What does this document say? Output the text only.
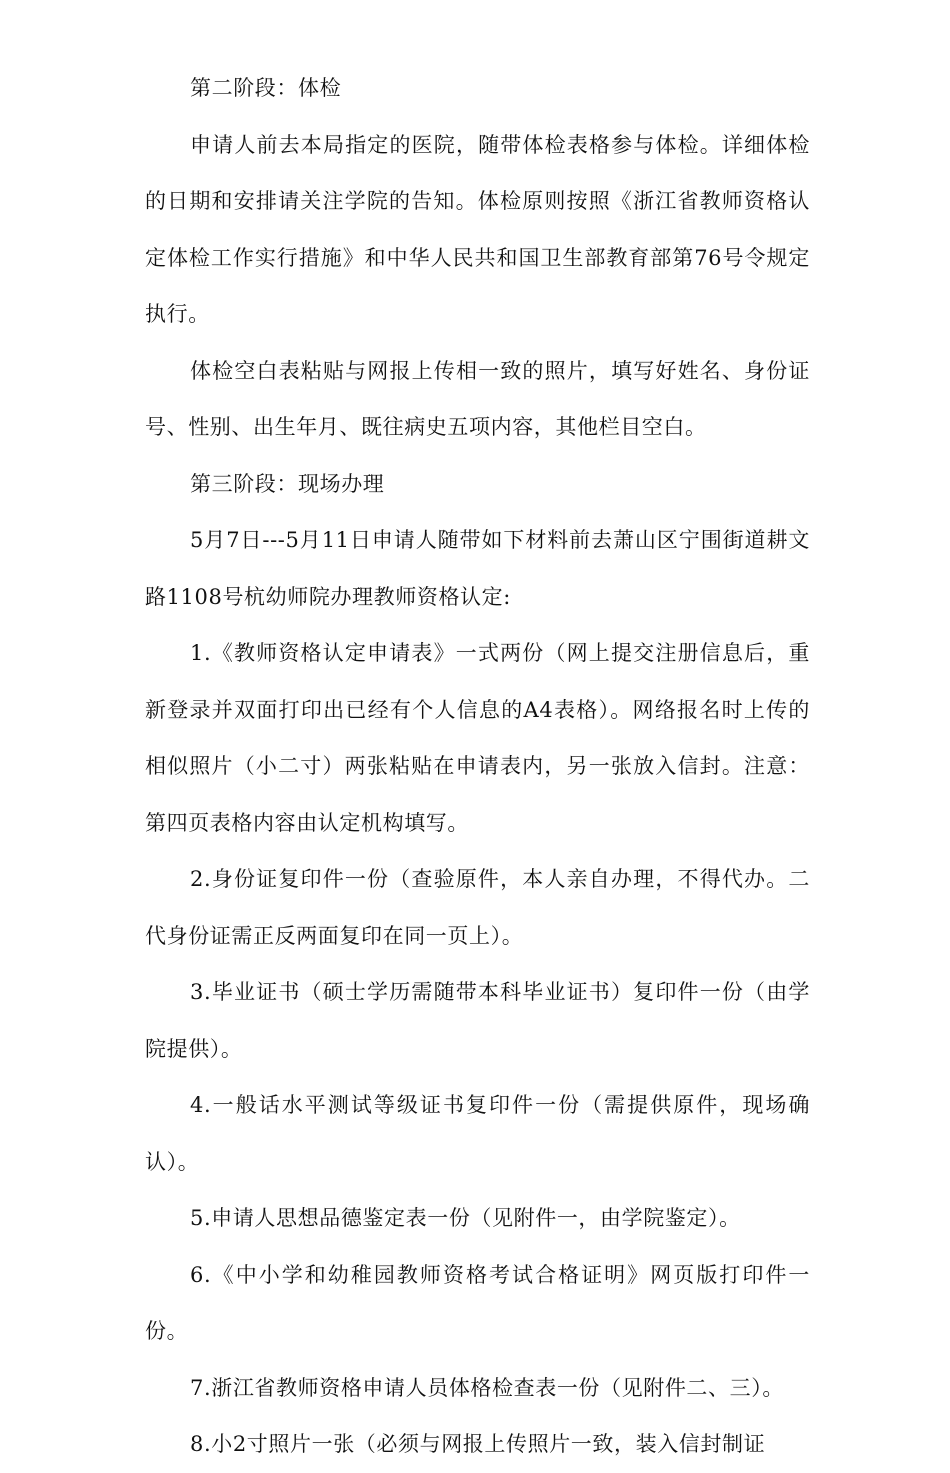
第二阶段：体检

申请人前去本局指定的医院，随带体检表格参与体检。详细体检的日期和安排请关注学院的告知。体检原则按照《浙江省教师资格认定体检工作实行措施》和中华人民共和国卫生部教育部第76号令规定执行。

体检空白表粘贴与网报上传相一致的照片，填写好姓名、身份证号、性别、出生年月、既往病史五项内容，其他栏目空白。

第三阶段：现场办理

5月7日---5月11日申请人随带如下材料前去萧山区宁围街道耕文路1108号杭幼师院办理教师资格认定:

1.《教师资格认定申请表》一式两份（网上提交注册信息后，重新登录并双面打印出已经有个人信息的A4表格）。网络报名时上传的相似照片（小二寸）两张粘贴在申请表内，另一张放入信封。注意：第四页表格内容由认定机构填写。

2.身份证复印件一份（查验原件，本人亲自办理，不得代办。二代身份证需正反两面复印在同一页上）。

3.毕业证书（硕士学历需随带本科毕业证书）复印件一份（由学院提供）。

4.一般话水平测试等级证书复印件一份（需提供原件，现场确认）。

5.申请人思想品德鉴定表一份（见附件一，由学院鉴定）。

6.《中小学和幼稚园教师资格考试合格证明》网页版打印件一份。

7.浙江省教师资格申请人员体格检查表一份（见附件二、三）。

8.小2寸照片一张（必须与网报上传照片一致，装入信封制证
